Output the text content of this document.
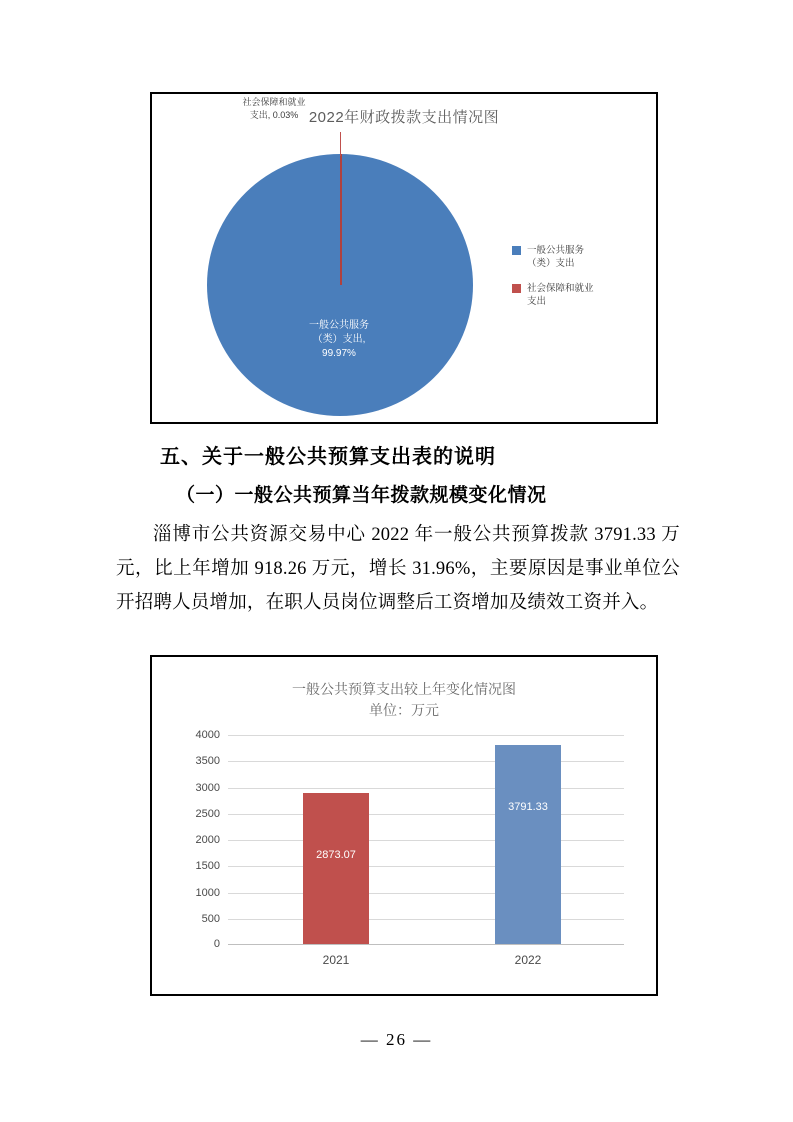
2022年财政拨款支出情况图
社会保障和就业
支出, 0.03%
一般公共服务
（类）支出,
99.97%
一般公共服务
（类）支出
社会保障和就业
支出
五、关于一般公共预算支出表的说明
（一）一般公共预算当年拨款规模变化情况
淄博市公共资源交易中心 2022 年一般公共预算拨款 3791.33 万元，比上年增加 918.26 万元，增长 31.96%，主要原因是事业单位公开招聘人员增加，在职人员岗位调整后工资增加及绩效工资并入。
一般公共预算支出较上年变化情况图
单位：万元
4000
3500
3000
2500
2000
1500
1000
500
0
2873.07
3791.33
2021	2022
— 26 —
